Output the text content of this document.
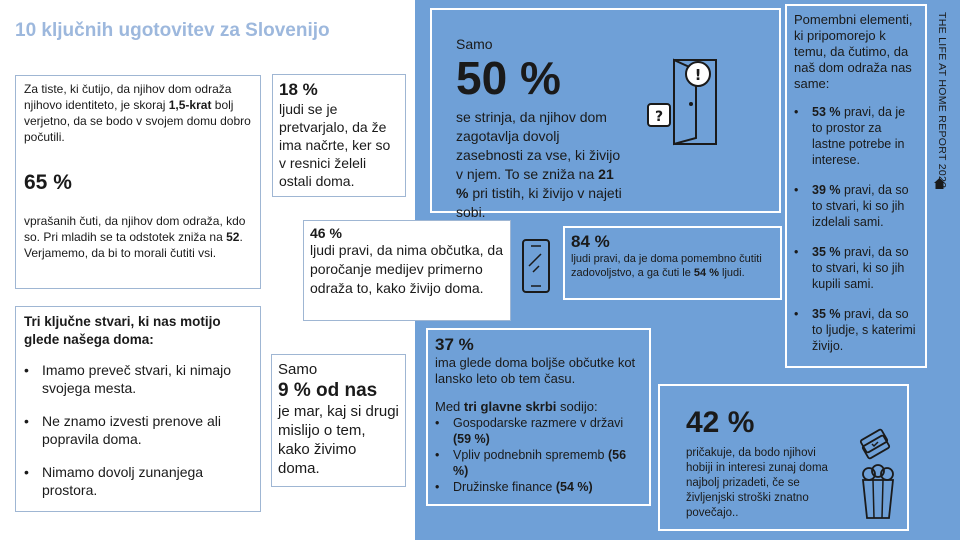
10 ključnih ugotovitev za Slovenijo	THE LIFE AT HOME REPORT 2022
Za tiste, ki čutijo, da njihov dom odraža njihovo identiteto, je skoraj 1,5-krat bolj verjetno, da se bodo v svojem domu dobro počutili.
65 %
vprašanih čuti, da njihov dom odraža, kdo so. Pri mladih se ta odstotek zniža na 52. Verjamemo, da bi to morali čutiti vsi.
18 %
ljudi se je pretvarjalo, da že ima načrte, ker so v resnici želeli ostali doma.
46 %
ljudi pravi, da nima občutka, da poročanje medijev primerno odraža to, kako živijo doma.
Tri ključne stvari, ki nas motijo glede našega doma:
• Imamo preveč stvari, ki nimajo svojega mesta.
• Ne znamo izvesti prenove ali popravila doma.
• Nimamo dovolj zunanjega prostora.
Samo
9 % od nas
je mar, kaj si drugi mislijo o tem, kako živimo doma.
Samo
50 %
se strinja, da njihov dom zagotavlja dovolj zasebnosti za vse, ki živijo v njem. To se zniža na 21 % pri tistih, ki živijo v najeti sobi.
!
?
Pomembni elementi, ki pripomorejo k temu, da čutimo, da naš dom odraža nas same:
• 53 % pravi, da je to prostor za lastne potrebe in interese.
• 39 % pravi, da so to stvari, ki so jih izdelali sami.
• 35 % pravi, da so to stvari, ki so jih kupili sami.
• 35 % pravi, da so to ljudje, s katerimi živijo.
84 %
ljudi pravi, da je doma pomembno čutiti zadovoljstvo, a ga čuti le 54 % ljudi.
37 %
ima glede doma boljše občutke kot lansko leto ob tem času.
Med tri glavne skrbi sodijo:
• Gospodarske razmere v državi (59 %)
• Vpliv podnebnih sprememb (56 %)
• Družinske finance (54 %)
42 %
pričakuje, da bodo njihovi hobiji in interesi zunaj doma najbolj prizadeti, če se življenjski stroški znatno povečajo..
